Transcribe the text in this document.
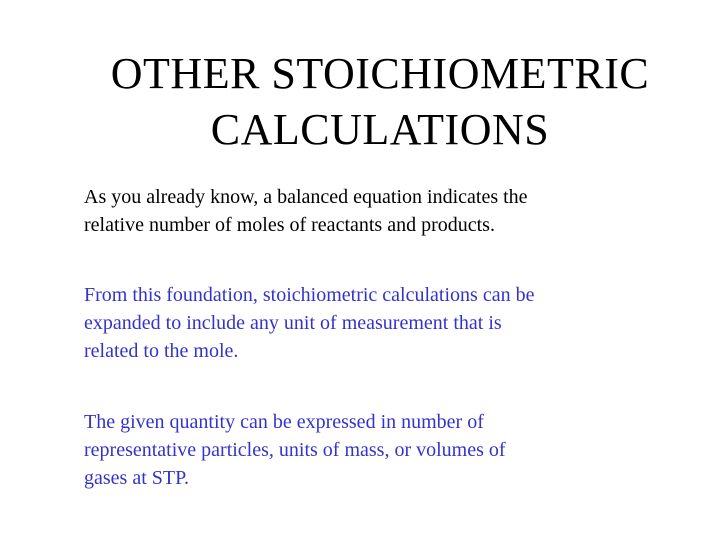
OTHER STOICHIOMETRIC
CALCULATIONS
As you already know, a balanced equation indicates the
relative number of moles of reactants and products.
From this foundation, stoichiometric calculations can be
expanded to include any unit of measurement that is
related to the mole.
The given quantity can be expressed in number of
representative particles, units of mass, or volumes of
gases at STP.
